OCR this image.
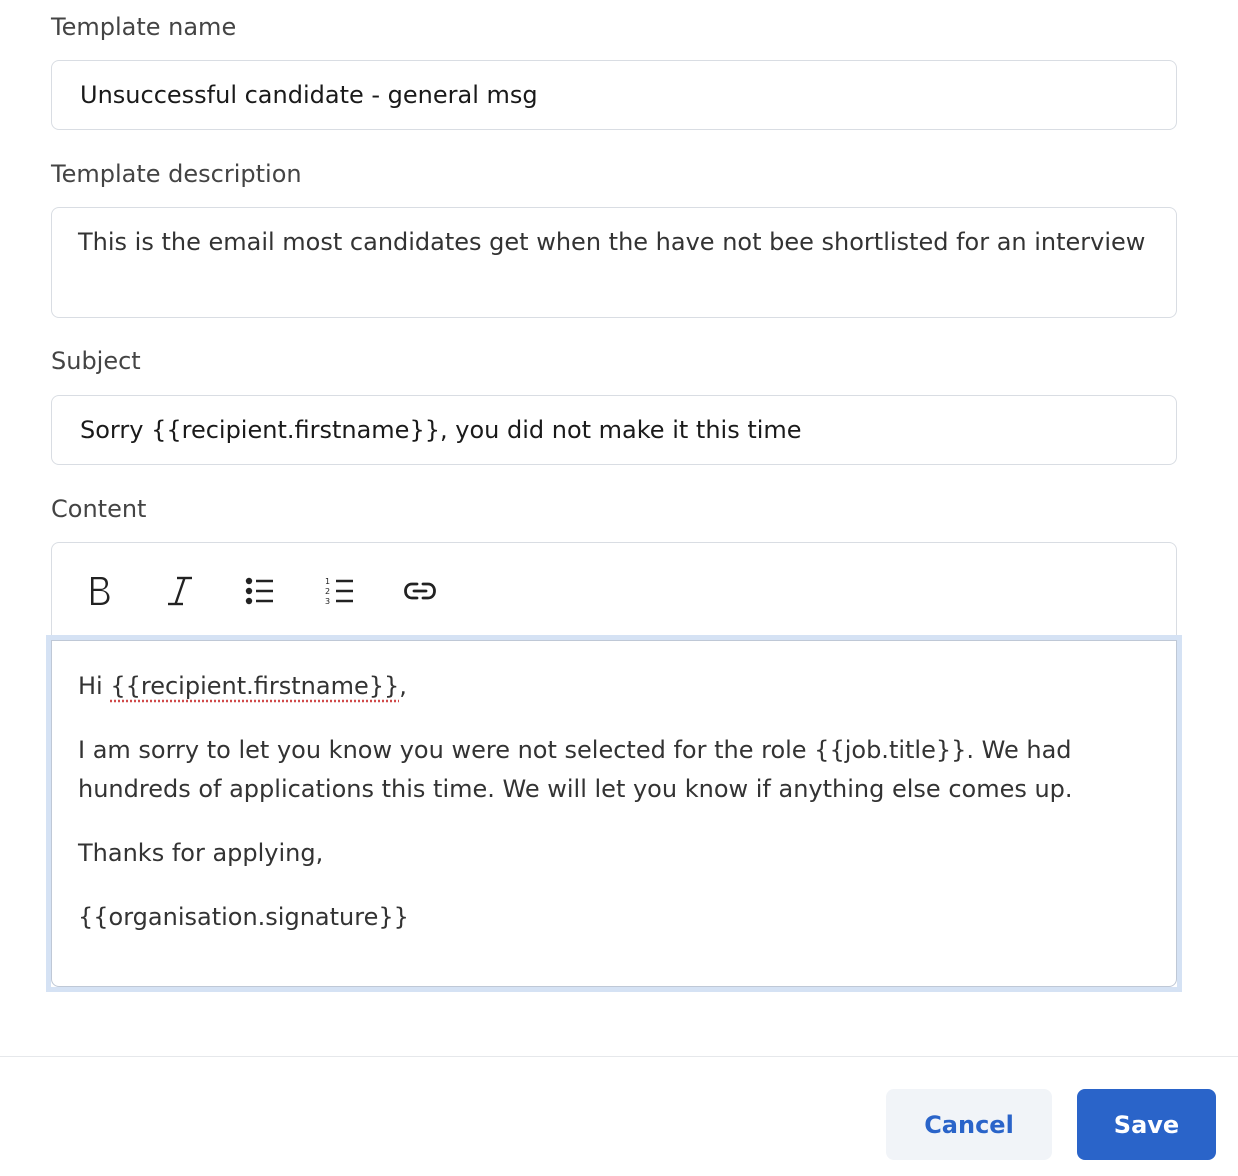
Template name
Unsuccessful candidate - general msg
Template description
This is the email most candidates get when the have not bee shortlisted for an interview
Subject
Sorry {{recipient.firstname}}, you did not make it this time
Content
1
2
3

Hi {{recipient.firstname}},

I am sorry to let you know you were not selected for the role {{job.title}}. We had hundreds of applications this time. We will let you know if anything else comes up.

Thanks for applying,

{{organisation.signature}}

Cancel	Save
